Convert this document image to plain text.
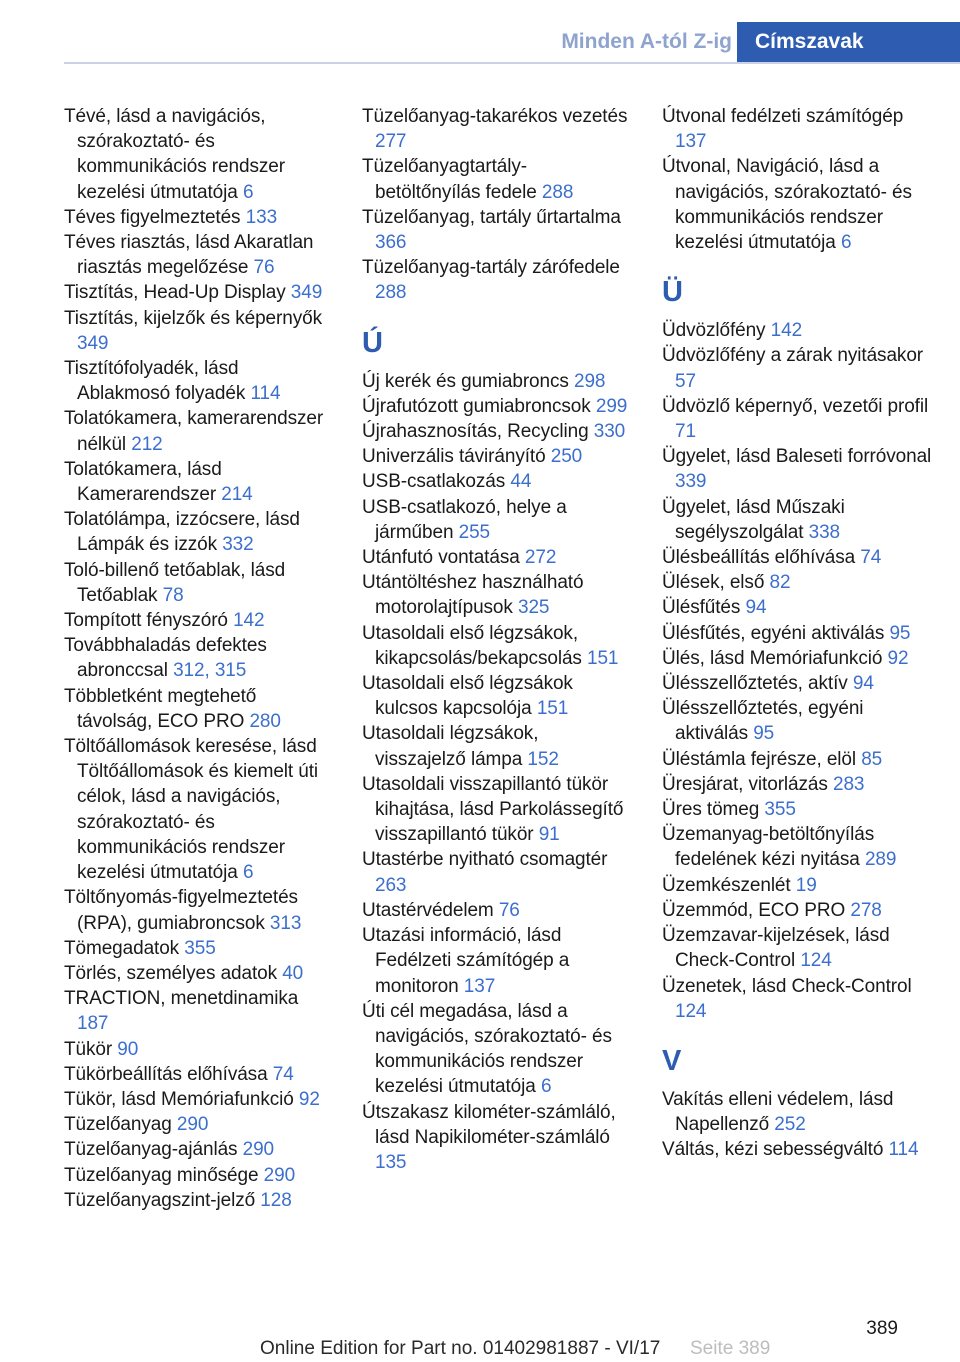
Minden A-tól Z-ig	Címszavak
Tévé, lásd a navigációs, szórakoztató- és kommunikációs rendszer kezelési útmutatója 6
Téves figyelmeztetés 133
Téves riasztás, lásd Akaratlan riasztás megelőzése 76
Tisztítás, Head-Up Display 349
Tisztítás, kijelzők és képernyők 349
Tisztítófolyadék, lásd Ablakmosó folyadék 114
Tolatókamera, kamerarendszer nélkül 212
Tolatókamera, lásd Kamerarendszer 214
Tolatólámpa, izzócsere, lásd Lámpák és izzók 332
Toló-billenő tetőablak, lásd Tetőablak 78
Tompított fényszóró 142
Továbbhaladás defektes abronccsal 312, 315
Többletként megtehető távolság, ECO PRO 280
Töltőállomások keresése, lásd Töltőállomások és kiemelt úti célok, lásd a navigációs, szórakoztató- és kommunikációs rendszer kezelési útmutatója 6
Töltőnyomás-figyelmeztetés (RPA), gumiabroncsok 313
Tömegadatok 355
Törlés, személyes adatok 40
TRACTION, menetdinamika 187
Tükör 90
Tükörbeállítás előhívása 74
Tükör, lásd Memóriafunkció 92
Tüzelőanyag 290
Tüzelőanyag-ajánlás 290
Tüzelőanyag minősége 290
Tüzelőanyagszint-jelző 128
Tüzelőanyag-takarékos vezetés 277
Tüzelőanyagtartály-betöltőnyílás fedele 288
Tüzelőanyag, tartály űrtartalma 366
Tüzelőanyag-tartály zárófedele 288
Ú
Új kerék és gumiabroncs 298
Újrafutózott gumiabroncsok 299
Újrahasznosítás, Recycling 330
Univerzális távirányító 250
USB-csatlakozás 44
USB-csatlakozó, helye a járműben 255
Utánfutó vontatása 272
Utántöltéshez használható motorolajtípusok 325
Utasoldali első légzsákok, kikapcsolás/bekapcsolás 151
Utasoldali első légzsákok kulcsos kapcsolója 151
Utasoldali légzsákok, visszajelző lámpa 152
Utasoldali visszapillantó tükör kihajtása, lásd Parkolássegítő visszapillantó tükör 91
Utastérbe nyitható csomagtér 263
Utastérvédelem 76
Utazási információ, lásd Fedélzeti számítógép a monitoron 137
Úti cél megadása, lásd a navigációs, szórakoztató- és kommunikációs rendszer kezelési útmutatója 6
Útszakasz kilométer-számláló, lásd Napikilométer-számláló 135
Útvonal fedélzeti számítógép 137
Útvonal, Navigáció, lásd a navigációs, szórakoztató- és kommunikációs rendszer kezelési útmutatója 6
Ü
Üdvözlőfény 142
Üdvözlőfény a zárak nyitásakor 57
Üdvözlő képernyő, vezetői profil 71
Ügyelet, lásd Baleseti forróvonal 339
Ügyelet, lásd Műszaki segélyszolgálat 338
Ülésbeállítás előhívása 74
Ülések, első 82
Ülésfűtés 94
Ülésfűtés, egyéni aktiválás 95
Ülés, lásd Memóriafunkció 92
Ülésszellőztetés, aktív 94
Ülésszellőztetés, egyéni aktiválás 95
Üléstámla fejrésze, elöl 85
Üresjárat, vitorlázás 283
Üres tömeg 355
Üzemanyag-betöltőnyílás fedelének kézi nyitása 289
Üzemkészenlét 19
Üzemmód, ECO PRO 278
Üzemzavar-kijelzések, lásd Check-Control 124
Üzenetek, lásd Check-Control 124
V
Vakítás elleni védelem, lásd Napellenző 252
Váltás, kézi sebességváltó 114
389
Online Edition for Part no. 01402981887 - VI/17 Seite 389
